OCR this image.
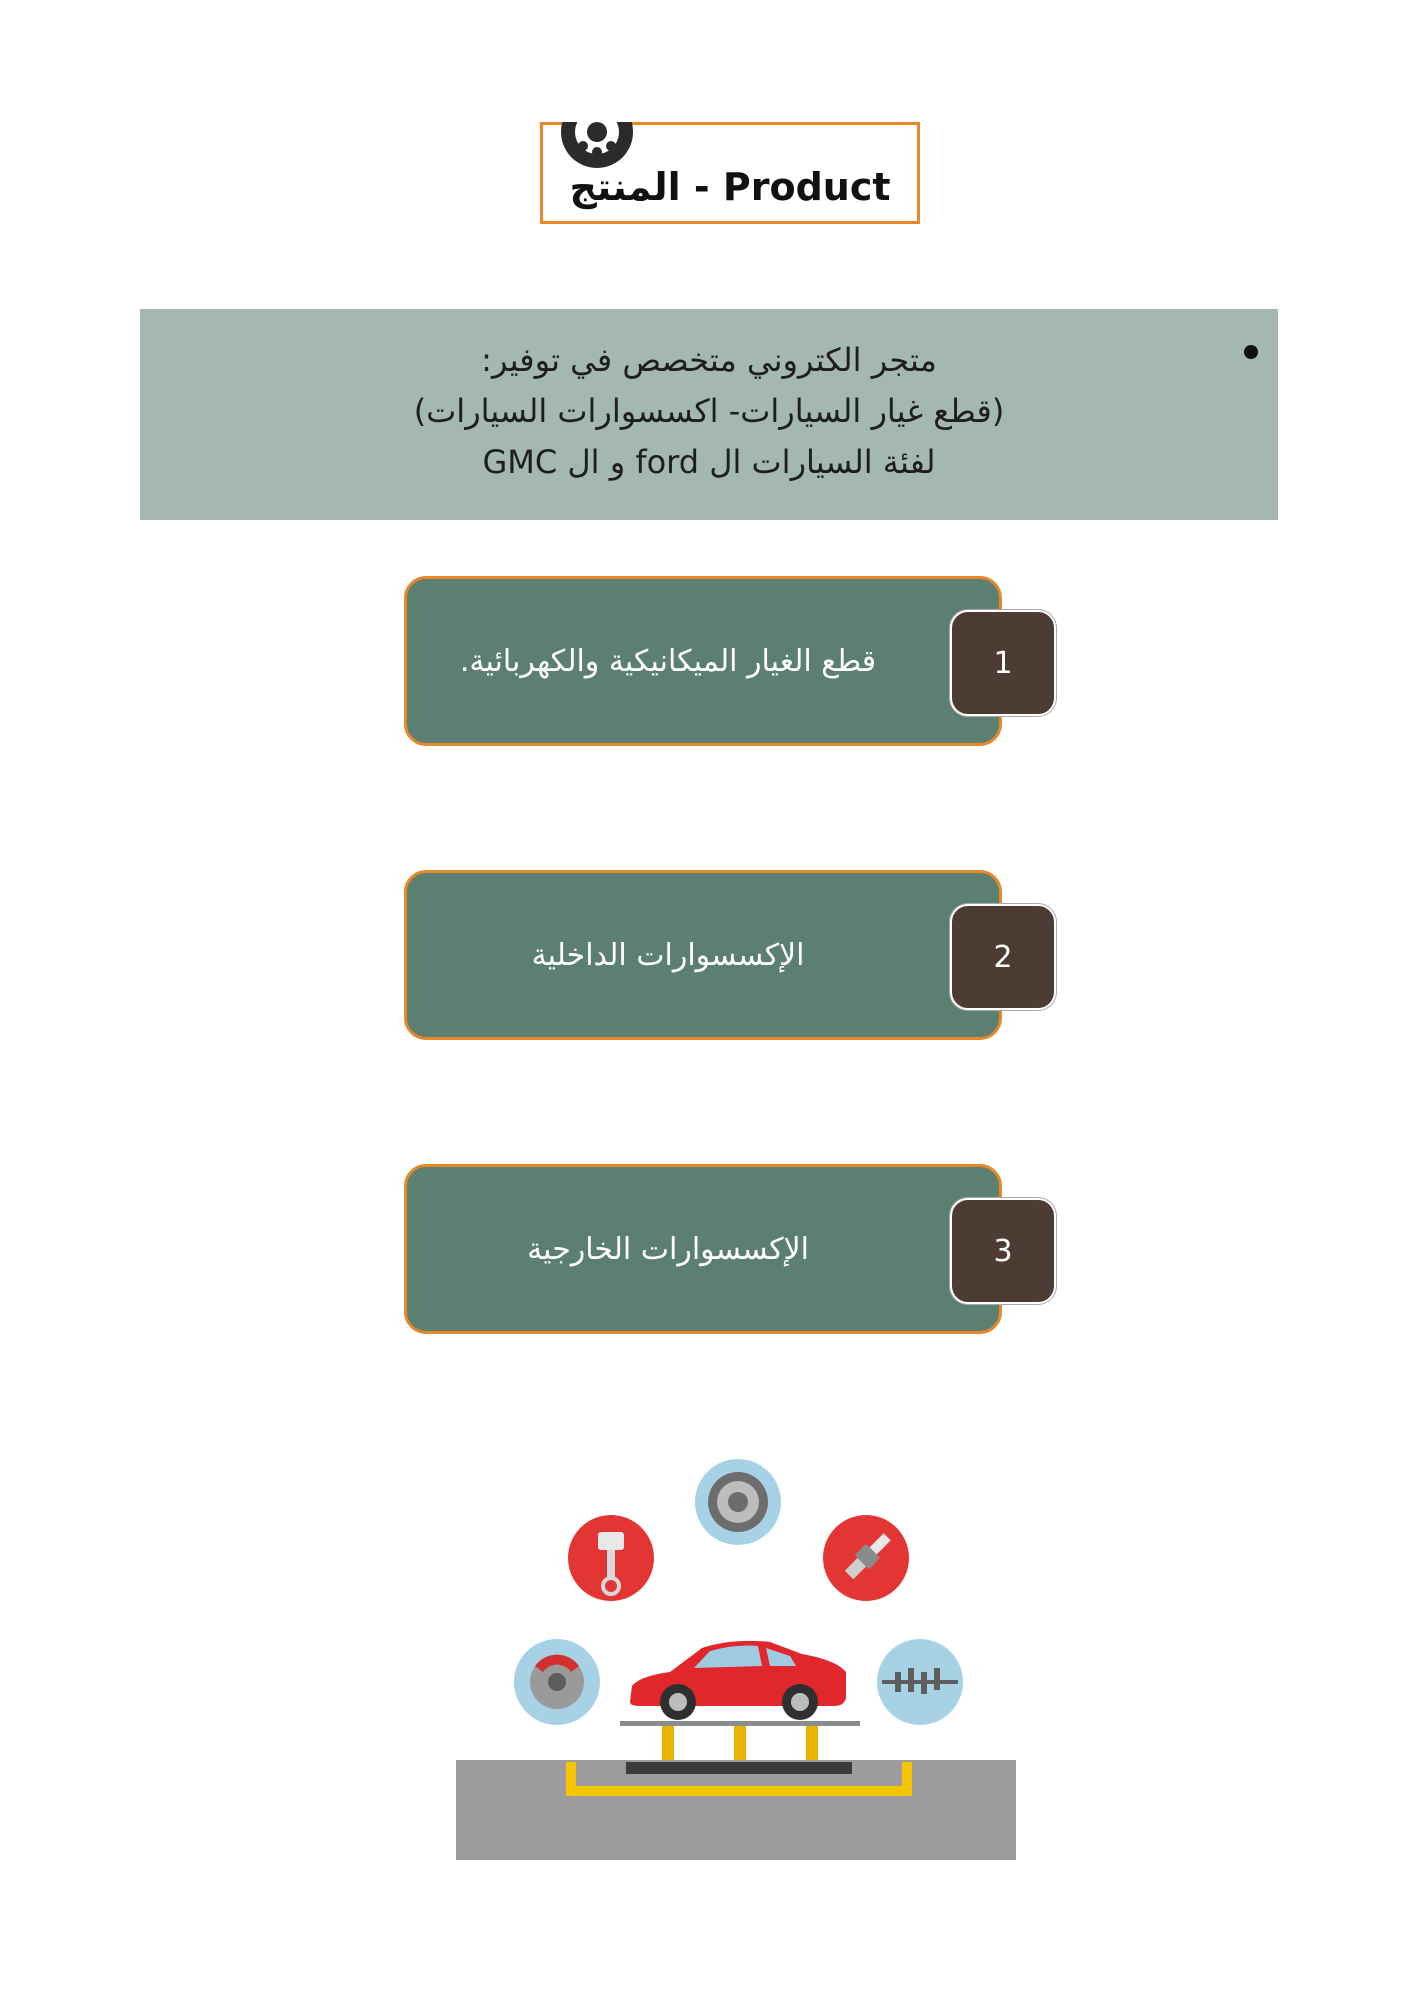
المنتج - Product
متجر الكتروني متخصص في توفير:
(قطع غيار السيارات- اكسسوارات السيارات)
لفئة السيارات ال ford و ال GMC
قطع الغيار الميكانيكية والكهربائية.	1
الإكسسوارات الداخلية	2
الإكسسوارات الخارجية	3
